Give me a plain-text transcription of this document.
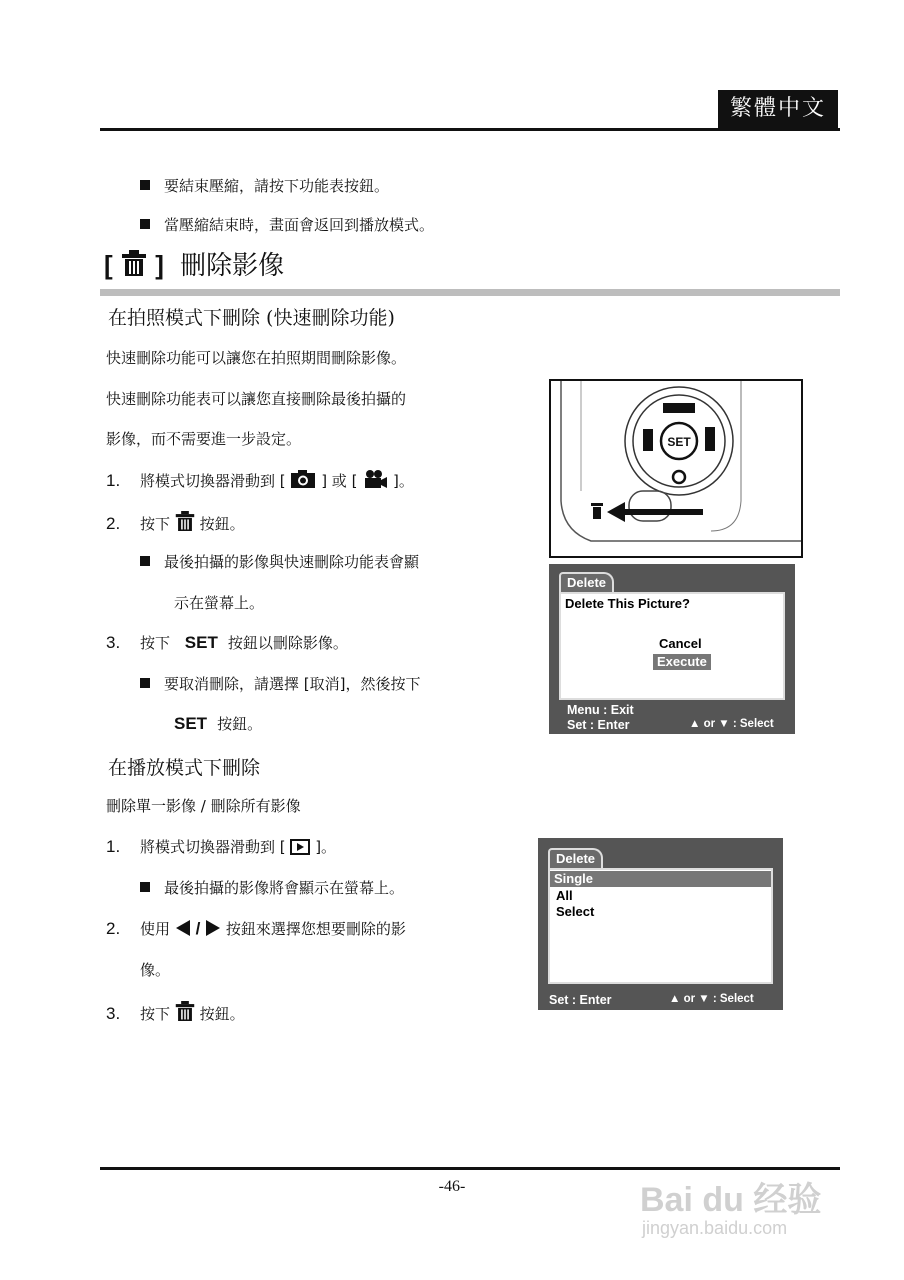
繁體中文
要結束壓縮，請按下功能表按鈕。
當壓縮結束時，畫面會返回到播放模式。
[ ] 刪除影像
在拍照模式下刪除 (快速刪除功能)
快速刪除功能可以讓您在拍照期間刪除影像。
快速刪除功能表可以讓您直接刪除最後拍攝的
影像，而不需要進一步設定。
1. 將模式切換器滑動到 [ ] 或 [ ]。
2. 按下 按鈕。
最後拍攝的影像與快速刪除功能表會顯
示在螢幕上。
3. 按下 SET 按鈕以刪除影像。
要取消刪除，請選擇 [取消]，然後按下
SET 按鈕。
在播放模式下刪除
刪除單一影像 / 刪除所有影像
1. 將模式切換器滑動到 [ ]。
最後拍攝的影像將會顯示在螢幕上。
2. 使用 / 按鈕來選擇您想要刪除的影
像。
3. 按下 按鈕。
SET
Delete
Delete This Picture?
Cancel
Execute
Menu : Exit
Set : Enter	▲ or ▼ : Select
Delete
Single
All
Select
Set : Enter	▲ or ▼ : Select
-46-	Bai du 经验
jingyan.baidu.com
